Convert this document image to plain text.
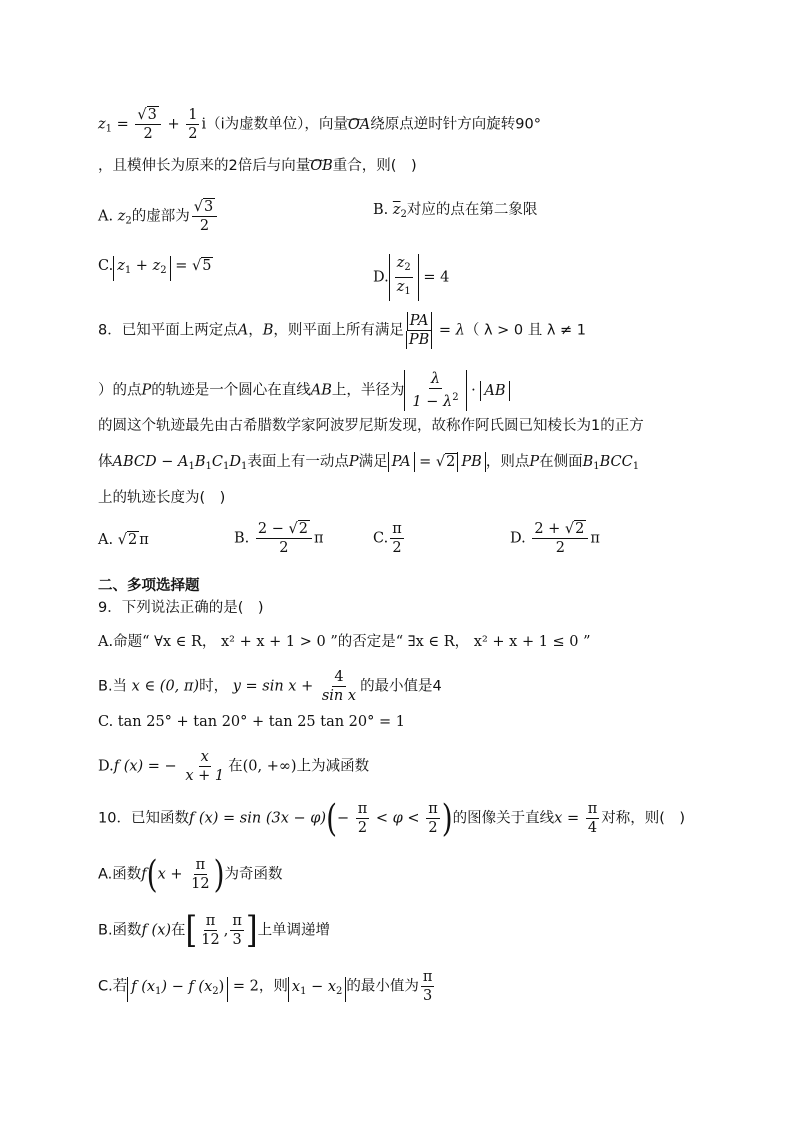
$z_1 = \frac{√3}{2} + \frac{1}{2} i(i$为虚数单位），向量‿‿‿ OA绕原点逆时针方向旋转90°
，且模伸长为原来的2倍后与向量‿‿‿ OB重合，则(　)
A. $z_2$的虚部为 $\frac{√3}{2}$	B. $\overline{z}_2$对应的点在第二象限
C. $z_1 + z_2 = √5$
D. $\frac{z_2}{z_1} = 4$
8．已知平面上两定点A，B，则平面上所有满足 $\frac{PA}{PB} = \lambda$（ λ > 0 且 λ ≠ 1
）的点P的轨迹是一个圆心在直线AB上，半径为 $\frac{\lambda}{1 - \lambda^2}$ · AB
的圆这个轨迹最先由古希腊数学家阿波罗尼斯发现，故称作阿氏圆已知棱长为1的正方
体ABCD − $A_1B_1C_1D_1$表面上有一动点P满足 PA = √2 PB ，则点P在侧面$B_1BCC_1$
上的轨迹长度为(　)
A. √2 π	B. $\frac{2 - √2}{2}$ π	C. $\frac{\pi}{2}$	D. $\frac{2 + √2}{2}$ π
二、多项选择题
9．下列说法正确的是(　)
A.命题“ ∀x ∈ R， x² + x + 1 > 0 ”的否定是“ ∃x ∈ R， x² + x + 1 ≤ 0 ”
B.当 x ∈ (0, π)时， $y = \sin x + \frac{4}{\text{sin x}}$ 的最小值是4
C. tan 25° + tan 20° + tan 25 tan 20° = 1
D.f (x) = − $\frac{x}{x + 1}$ 在(0, +∞)上为减函数
10．已知函数f $(x) = \sin (3x - \varphi)(- \frac{\pi}{2} < \varphi < \frac{\pi}{2}$ )的图像关于直线$x = \frac{\pi}{4}$ 对称，则(　)
A.函数$f(x + \frac{\pi}{12}$ )为奇函数
B.函数f (x)在[ $\frac{\pi}{12}$ , $\frac{\pi}{3}$ ]上单调递增
C.若 f $(x_1) - f$ $(x_2) = 2$，则 $x_1 - x_2$ 的最小值为 $\frac{\pi}{3}$
